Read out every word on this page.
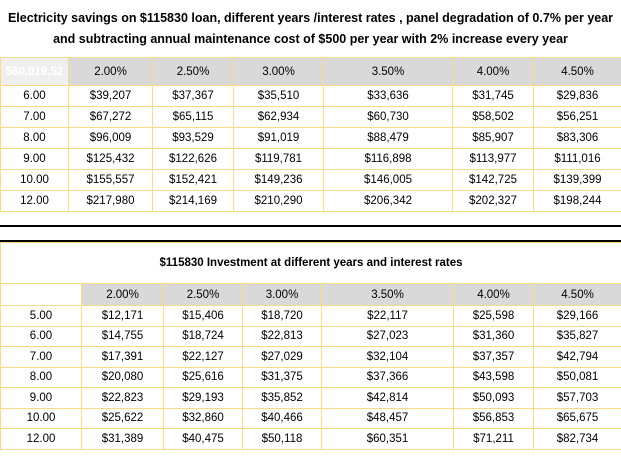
Electricity savings on $115830 loan, different years /interest rates , panel degradation of 0.7% per year and subtracting annual maintenance cost of $500 per year with 2% increase every year
$60,019.52	2.00%	2.50%	3.00%	3.50%	4.00%	4.50%
6.00	$39,207	$37,367	$35,510	$33,636	$31,745	$29,836
7.00	$67,272	$65,115	$62,934	$60,730	$58,502	$56,251
8.00	$96,009	$93,529	$91,019	$88,479	$85,907	$83,306
9.00	$125,432	$122,626	$119,781	$116,898	$113,977	$111,016
10.00	$155,557	$152,421	$149,236	$146,005	$142,725	$139,399
12.00	$217,980	$214,169	$210,290	$206,342	$202,327	$198,244
$115830 Investment at different years and interest rates						
	2.00%	2.50%	3.00%	3.50%	4.00%	4.50%
5.00	$12,171	$15,406	$18,720	$22,117	$25,598	$29,166
6.00	$14,755	$18,724	$22,813	$27,023	$31,360	$35,827
7.00	$17,391	$22,127	$27,029	$32,104	$37,357	$42,794
8.00	$20,080	$25,616	$31,375	$37,366	$43,598	$50,081
9.00	$22,823	$29,193	$35,852	$42,814	$50,093	$57,703
10.00	$25,622	$32,860	$40,466	$48,457	$56,853	$65,675
12.00	$31,389	$40,475	$50,118	$60,351	$71,211	$82,734
